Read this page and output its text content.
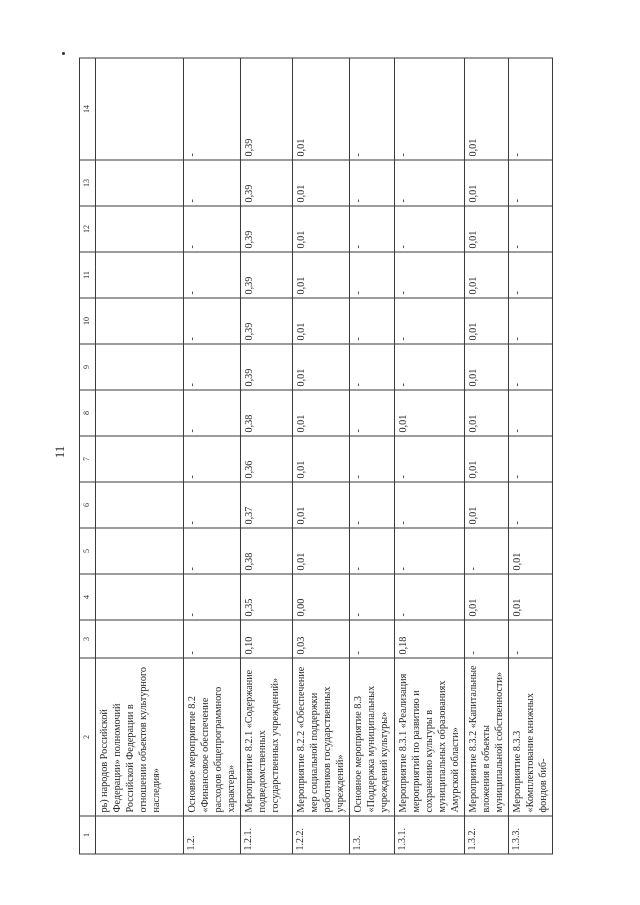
11
1	2	3	4	5	6	7	8	9	10	11	12	13	14
	рь) народов Российской Федерации» полномочий Российской Федерации в отношении объектов культурного наследия»												
1.2.	Основное мероприятие 8.2 «Финансовое обеспечение расходов общепрограммного характера»	-	-	-	-	-	-	-	-	-	-	-	-
1.2.1.	Мероприятие 8.2.1 «Содержание подведомственных государственных учреждений»	0,10	0,35	0,38	0,37	0,36	0,38	0,39	0,39	0,39	0,39	0,39	0,39
1.2.2.	Мероприятие 8.2.2 «Обеспечение мер социальной поддержки работников государственных учреждений»	0,03	0,00	0,01	0,01	0,01	0,01	0,01	0,01	0,01	0,01	0,01	0,01
1.3.	Основное мероприятие 8.3 «Поддержка муниципальных учреждений культуры»	-	-	-	-	-	-	-	-	-	-	-	-
1.3.1.	Мероприятие 8.3.1 «Реализация мероприятий по развитию и сохранению культуры в муниципальных образованиях Амурской области»	0,18	-	-	-	-	0,01	-	-	-	-	-	-
1.3.2.	Мероприятие 8.3.2 «Капитальные вложения в объекты муниципальной собственности»	-	0,01	-	0,01	0,01	0,01	0,01	0,01	0,01	0,01	0,01	0,01
1.3.3.	Мероприятие 8.3.3 «Комплектование книжных фондов биб-	-	0,01	0,01	-	-	-	-	-	-	-	-	-
